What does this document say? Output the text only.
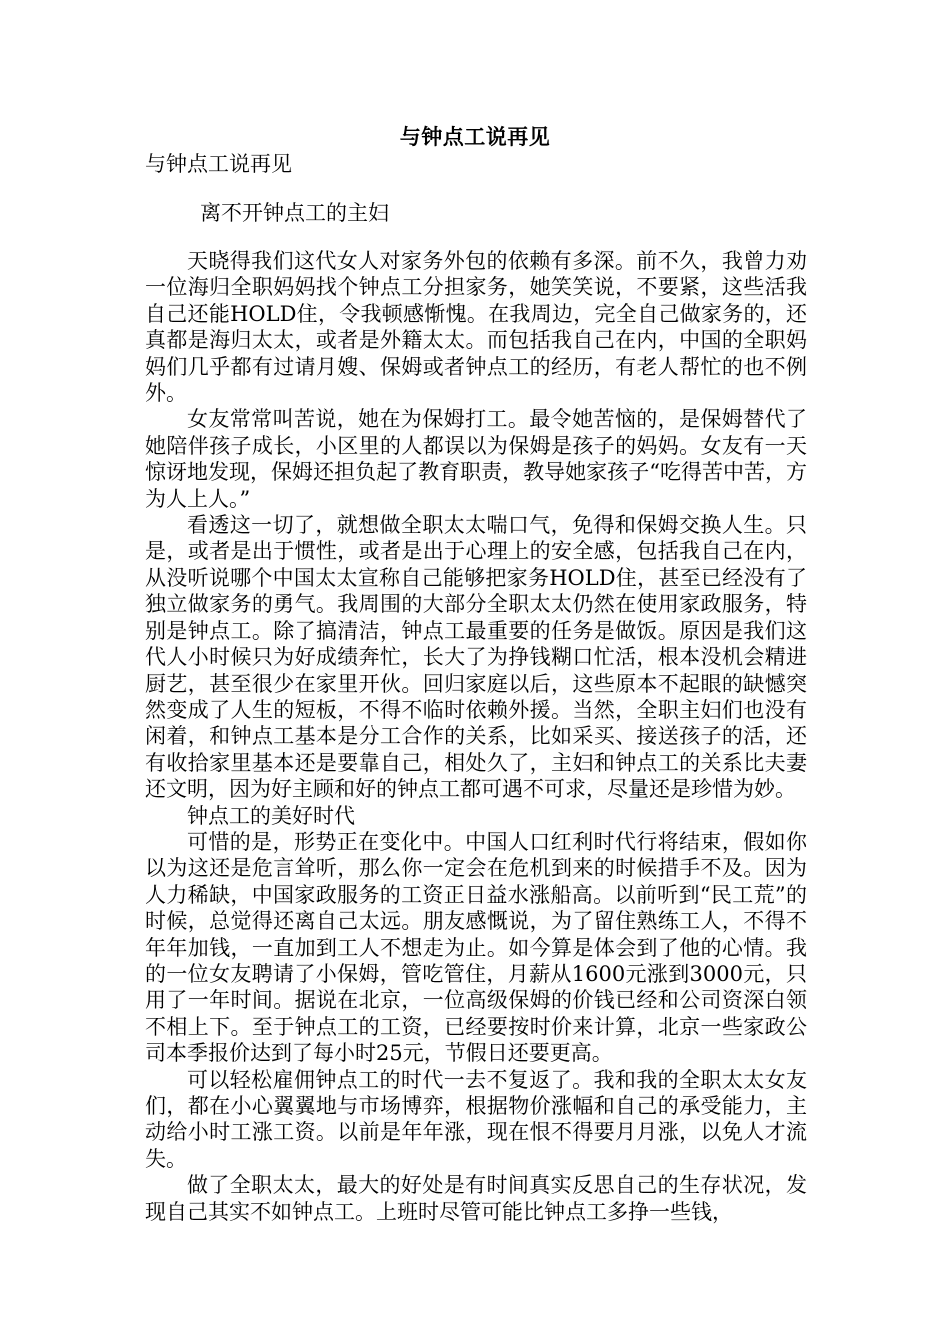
与钟点工说再见
与钟点工说再见
离不开钟点工的主妇

天晓得我们这代女人对家务外包的依赖有多深。前不久，我曾力劝一位海归全职妈妈找个钟点工分担家务，她笑笑说，不要紧，这些活我自己还能HOLD住，令我顿感惭愧。在我周边，完全自己做家务的，还真都是海归太太，或者是外籍太太。而包括我自己在内，中国的全职妈妈们几乎都有过请月嫂、保姆或者钟点工的经历，有老人帮忙的也不例外。

女友常常叫苦说，她在为保姆打工。最令她苦恼的，是保姆替代了她陪伴孩子成长，小区里的人都误以为保姆是孩子的妈妈。女友有一天惊讶地发现，保姆还担负起了教育职责，教导她家孩子“吃得苦中苦，方为人上人。”

看透这一切了，就想做全职太太喘口气，免得和保姆交换人生。只是，或者是出于惯性，或者是出于心理上的安全感，包括我自己在内，从没听说哪个中国太太宣称自己能够把家务HOLD住，甚至已经没有了独立做家务的勇气。我周围的大部分全职太太仍然在使用家政服务，特别是钟点工。除了搞清洁，钟点工最重要的任务是做饭。原因是我们这代人小时候只为好成绩奔忙，长大了为挣钱糊口忙活，根本没机会精进厨艺，甚至很少在家里开伙。回归家庭以后，这些原本不起眼的缺憾突然变成了人生的短板，不得不临时依赖外援。当然，全职主妇们也没有闲着，和钟点工基本是分工合作的关系，比如采买、接送孩子的活，还有收拾家里基本还是要靠自己，相处久了，主妇和钟点工的关系比夫妻还文明，因为好主顾和好的钟点工都可遇不可求，尽量还是珍惜为妙。

钟点工的美好时代

可惜的是，形势正在变化中。中国人口红利时代行将结束，假如你以为这还是危言耸听，那么你一定会在危机到来的时候措手不及。因为人力稀缺，中国家政服务的工资正日益水涨船高。以前听到“民工荒”的时候，总觉得还离自己太远。朋友感慨说，为了留住熟练工人，不得不年年加钱，一直加到工人不想走为止。如今算是体会到了他的心情。我的一位女友聘请了小保姆，管吃管住，月薪从1600元涨到3000元，只用了一年时间。据说在北京，一位高级保姆的价钱已经和公司资深白领不相上下。至于钟点工的工资，已经要按时价来计算，北京一些家政公司本季报价达到了每小时25元，节假日还要更高。

可以轻松雇佣钟点工的时代一去不复返了。我和我的全职太太女友们，都在小心翼翼地与市场博弈，根据物价涨幅和自己的承受能力，主动给小时工涨工资。以前是年年涨，现在恨不得要月月涨，以免人才流失。

做了全职太太，最大的好处是有时间真实反思自己的生存状况，发现自己其实不如钟点工。上班时尽管可能比钟点工多挣一些钱，
